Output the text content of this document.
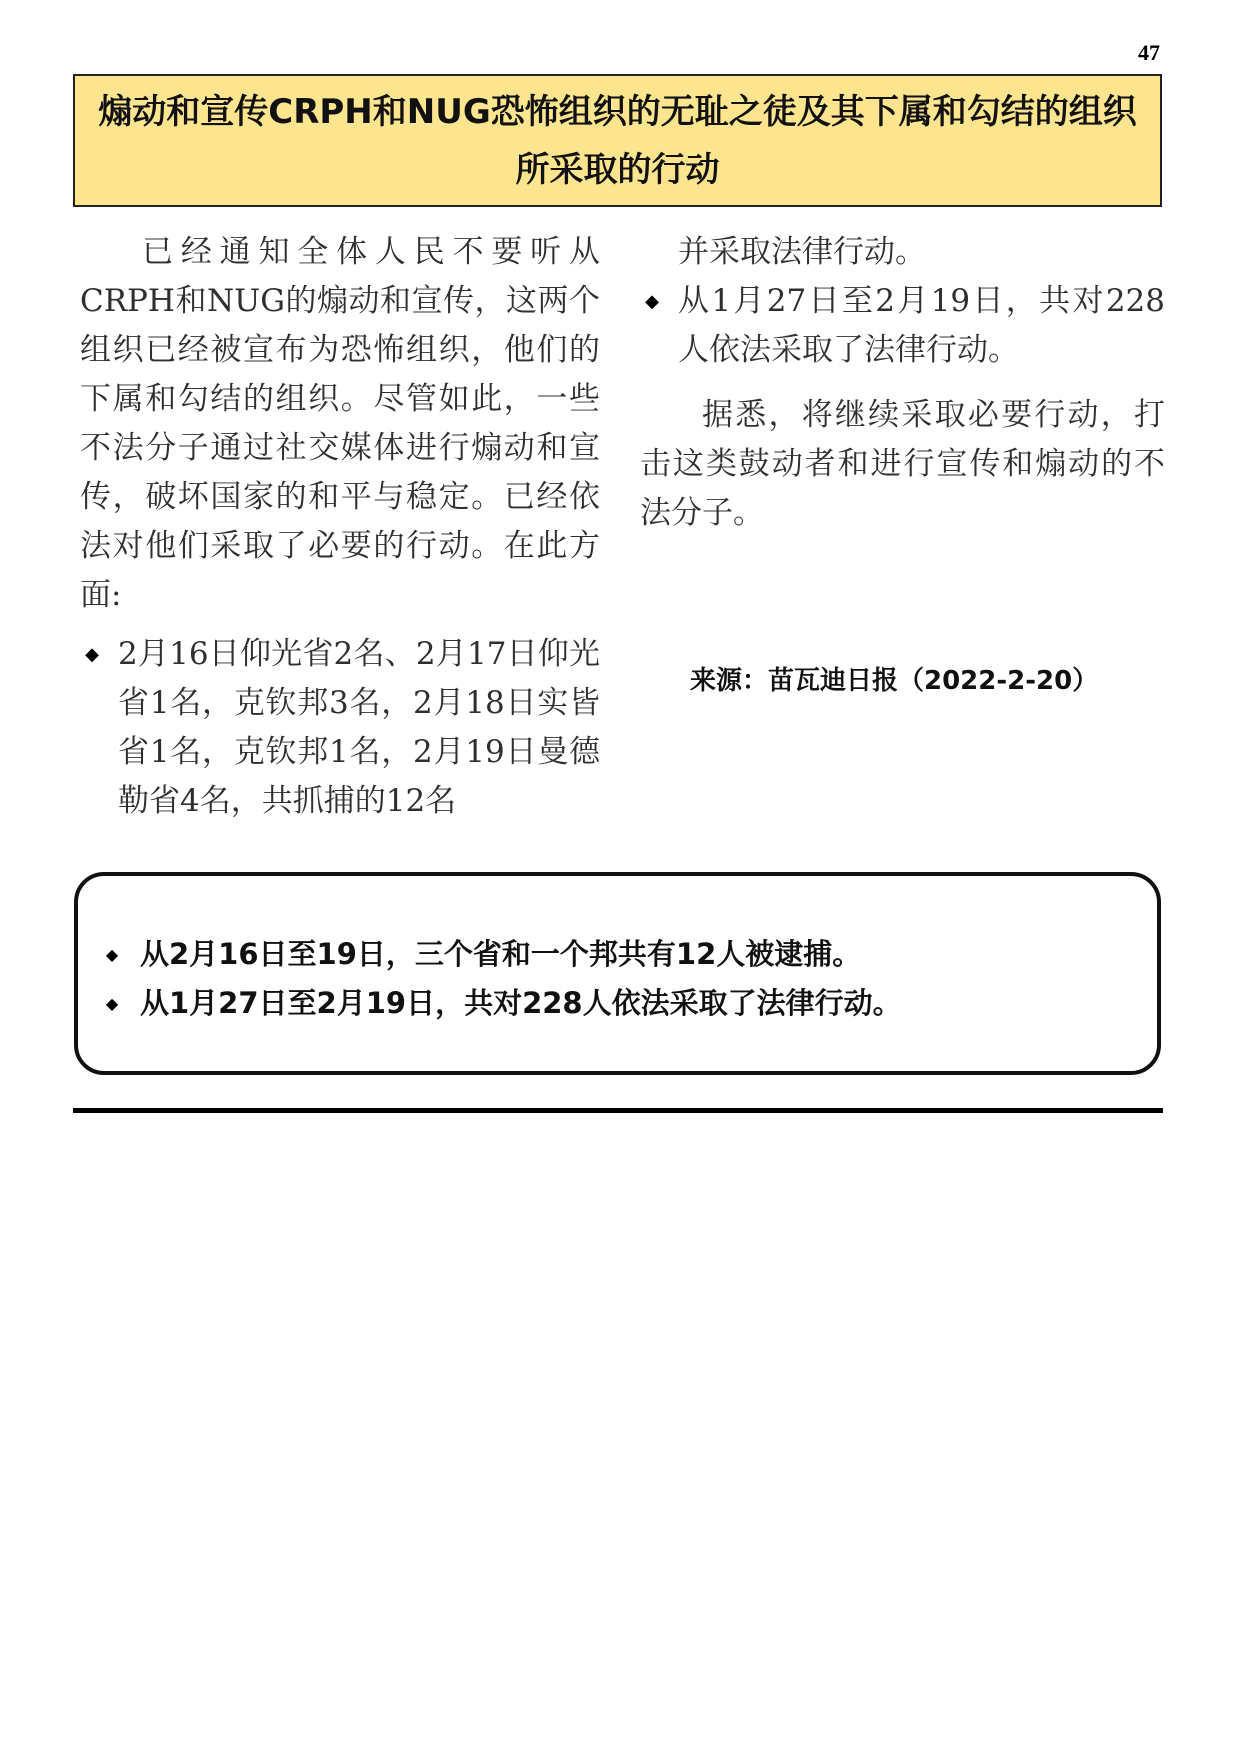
47
煽动和宣传CRPH和NUG恐怖组织的无耻之徒及其下属和勾结的组织所采取的行动

已经通知全体人民不要听从CRPH和NUG的煽动和宣传，这两个组织已经被宣布为恐怖组织，他们的下属和勾结的组织。尽管如此，一些不法分子通过社交媒体进行煽动和宣传，破坏国家的和平与稳定。已经依法对他们采取了必要的行动。在此方面:

◆ 2月16日仰光省2名、2月17日仰光省1名，克钦邦3名，2月18日实皆省1名，克钦邦1名，2月19日曼德勒省4名，共抓捕的12名
并采取法律行动。
◆ 从1月27日至2月19日，共对228人依法采取了法律行动。

据悉，将继续采取必要行动，打击这类鼓动者和进行宣传和煽动的不法分子。

来源：苗瓦迪日报（2022-2-20）
◆ 从2月16日至19日，三个省和一个邦共有12人被逮捕。
◆ 从1月27日至2月19日，共对228人依法采取了法律行动。
